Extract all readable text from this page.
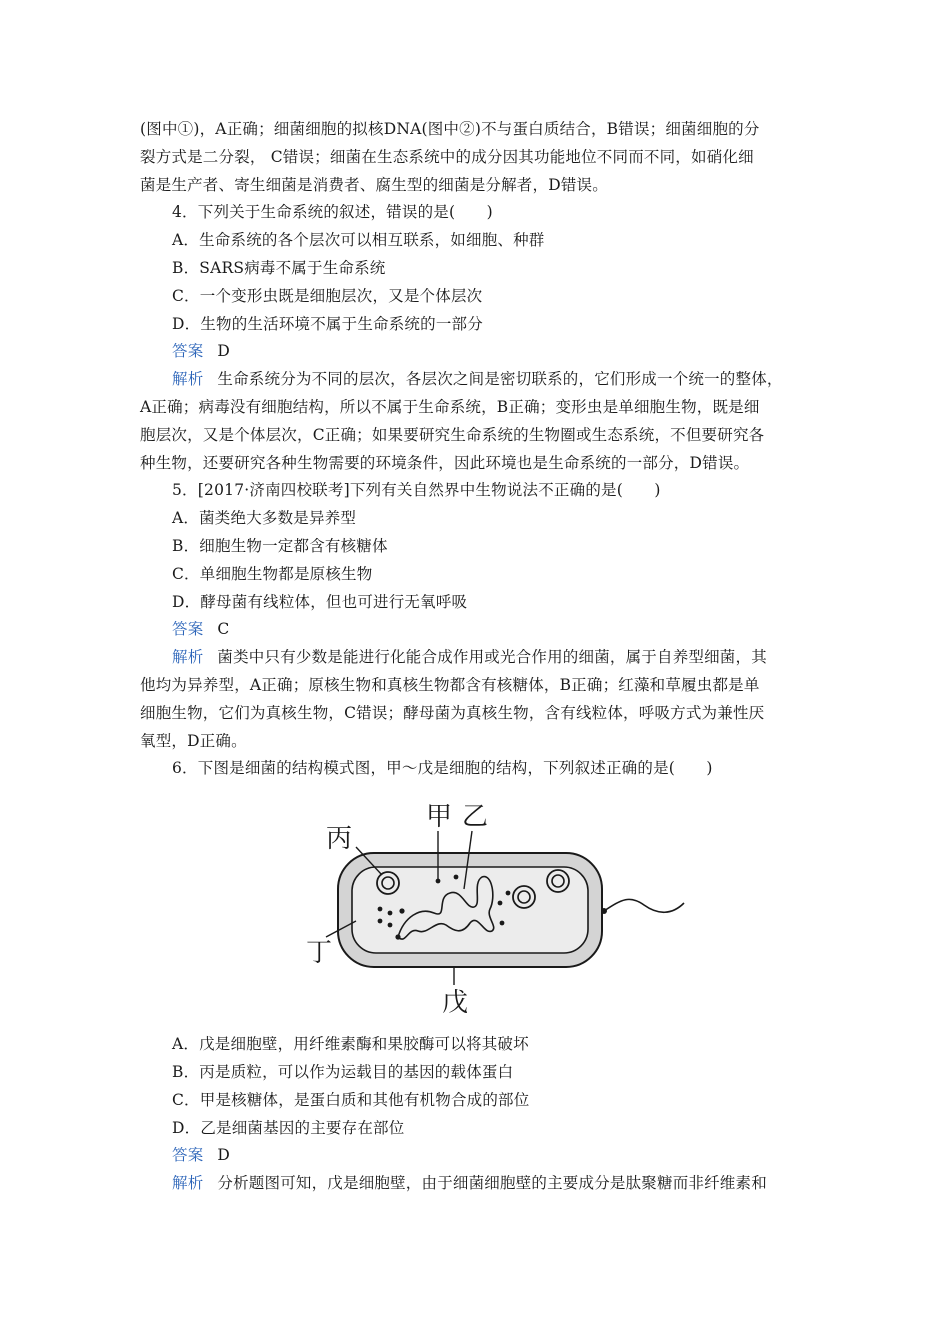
(图中①)，A正确；细菌细胞的拟核DNA(图中②)不与蛋白质结合，B错误；细菌细胞的分

裂方式是二分裂， C错误；细菌在生态系统中的成分因其功能地位不同而不同，如硝化细

菌是生产者、寄生细菌是消费者、腐生型的细菌是分解者，D错误。

4．下列关于生命系统的叙述，错误的是(　　)

A．生命系统的各个层次可以相互联系，如细胞、种群

B．SARS病毒不属于生命系统

C．一个变形虫既是细胞层次，又是个体层次

D．生物的生活环境不属于生命系统的一部分

答案 D

解析 生命系统分为不同的层次，各层次之间是密切联系的，它们形成一个统一的整体，

A正确；病毒没有细胞结构，所以不属于生命系统，B正确；变形虫是单细胞生物，既是细

胞层次，又是个体层次，C正确；如果要研究生命系统的生物圈或生态系统，不但要研究各

种生物，还要研究各种生物需要的环境条件，因此环境也是生命系统的一部分，D错误。

5．[2017·济南四校联考]下列有关自然界中生物说法不正确的是(　　)

A．菌类绝大多数是异养型

B．细胞生物一定都含有核糖体

C．单细胞生物都是原核生物

D．酵母菌有线粒体，但也可进行无氧呼吸

答案 C

解析 菌类中只有少数是能进行化能合成作用或光合作用的细菌，属于自养型细菌，其

他均为异养型，A正确；原核生物和真核生物都含有核糖体，B正确；红藻和草履虫都是单

细胞生物，它们为真核生物，C错误；酵母菌为真核生物，含有线粒体，呼吸方式为兼性厌

氧型，D正确。

6．下图是细菌的结构模式图，甲～戊是细胞的结构，下列叙述正确的是(　　)

丙
甲 乙
丁
戊

A．戊是细胞壁，用纤维素酶和果胶酶可以将其破坏

B．丙是质粒，可以作为运载目的基因的载体蛋白

C．甲是核糖体，是蛋白质和其他有机物合成的部位

D．乙是细菌基因的主要存在部位

答案 D

解析 分析题图可知，戊是细胞壁，由于细菌细胞壁的主要成分是肽聚糖而非纤维素和
